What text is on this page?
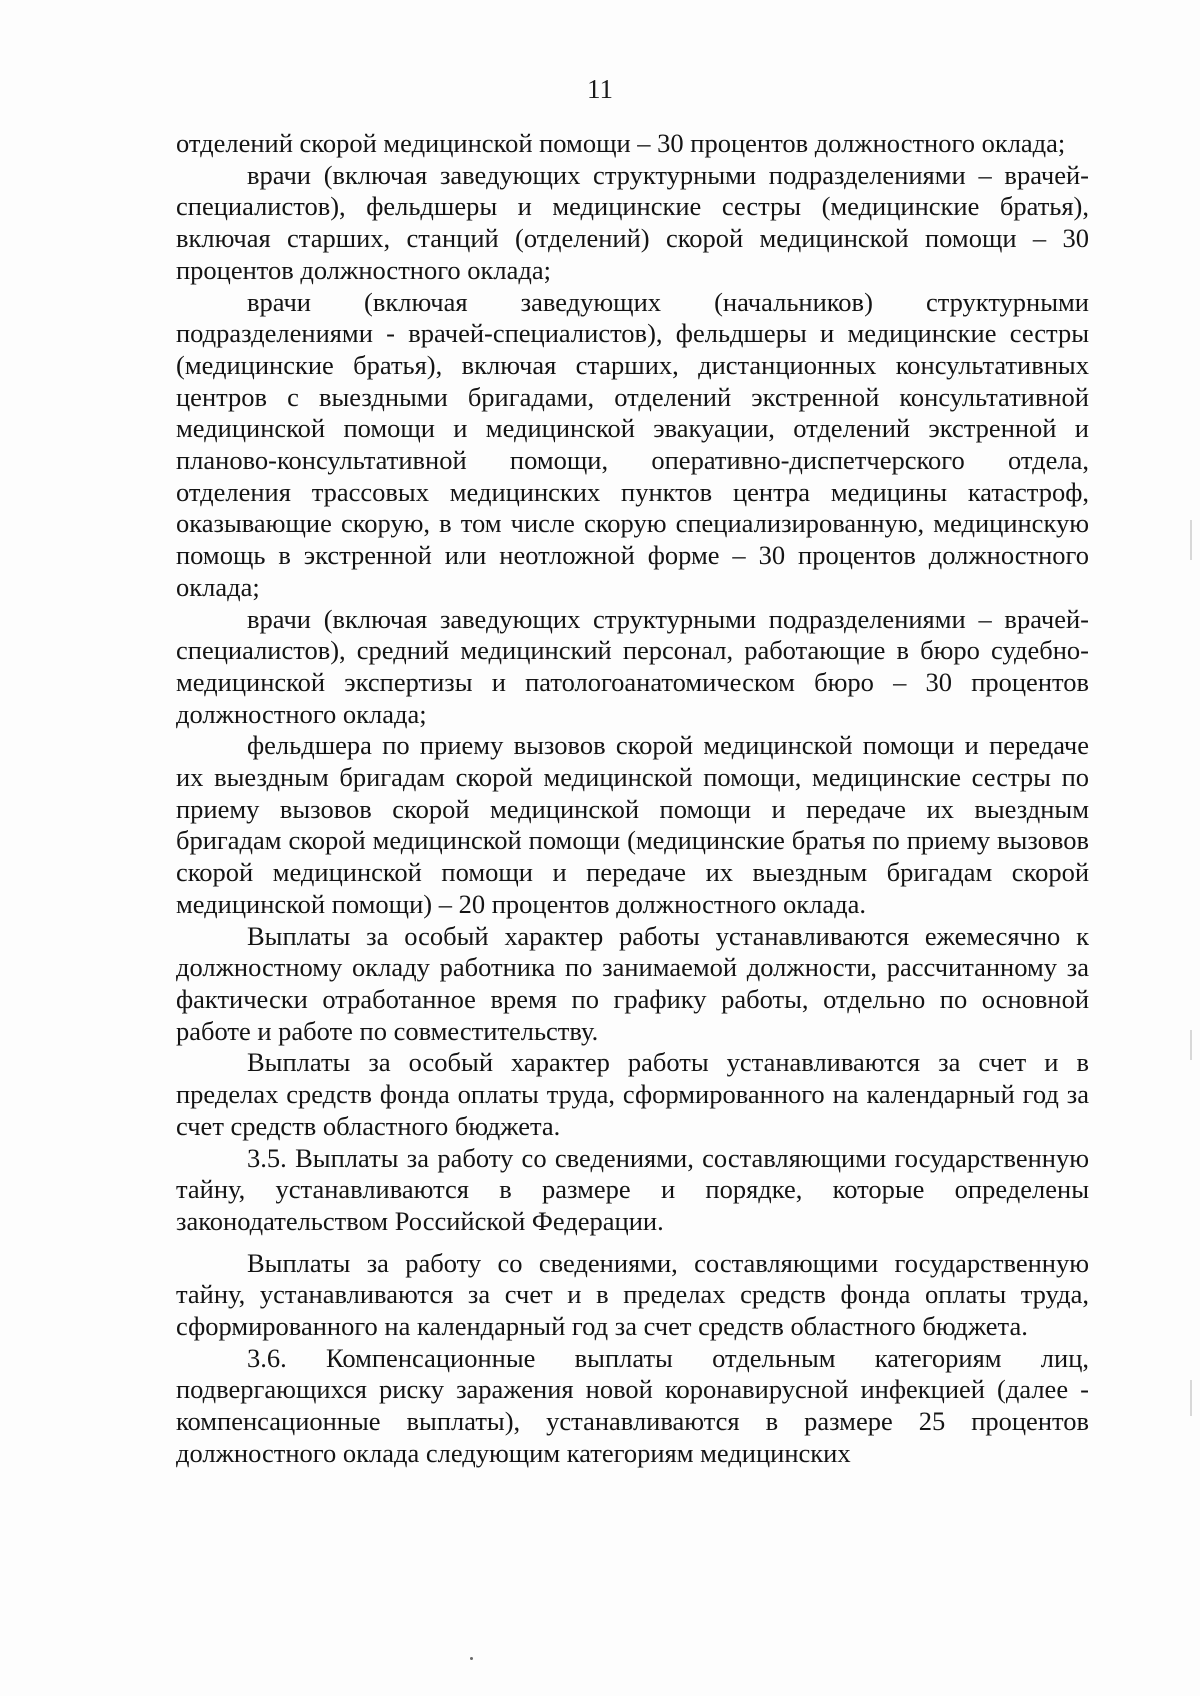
11

отделений скорой медицинской помощи – 30 процентов должностного оклада;

врачи (включая заведующих структурными подразделениями – врачей-специалистов), фельдшеры и медицинские сестры (медицинские братья), включая старших, станций (отделений) скорой медицинской помощи – 30 процентов должностного оклада;

врачи (включая заведующих (начальников) структурными подразделениями - врачей-специалистов), фельдшеры и медицинские сестры (медицинские братья), включая старших, дистанционных консультативных центров с выездными бригадами, отделений экстренной консультативной медицинской помощи и медицинской эвакуации, отделений экстренной и планово-консультативной помощи, оперативно-диспетчерского отдела, отделения трассовых медицинских пунктов центра медицины катастроф, оказывающие скорую, в том числе скорую специализированную, медицинскую помощь в экстренной или неотложной форме – 30 процентов должностного оклада;

врачи (включая заведующих структурными подразделениями – врачей-специалистов), средний медицинский персонал, работающие в бюро судебно-медицинской экспертизы и патологоанатомическом бюро – 30 процентов должностного оклада;

фельдшера по приему вызовов скорой медицинской помощи и передаче их выездным бригадам скорой медицинской помощи, медицинские сестры по приему вызовов скорой медицинской помощи и передаче их выездным бригадам скорой медицинской помощи (медицинские братья по приему вызовов скорой медицинской помощи и передаче их выездным бригадам скорой медицинской помощи) – 20 процентов должностного оклада.

Выплаты за особый характер работы устанавливаются ежемесячно к должностному окладу работника по занимаемой должности, рассчитанному за фактически отработанное время по графику работы, отдельно по основной работе и работе по совместительству.

Выплаты за особый характер работы устанавливаются за счет и в пределах средств фонда оплаты труда, сформированного на календарный год за счет средств областного бюджета.

3.5. Выплаты за работу со сведениями, составляющими государственную тайну, устанавливаются в размере и порядке, которые определены законодательством Российской Федерации.

Выплаты за работу со сведениями, составляющими государственную тайну, устанавливаются за счет и в пределах средств фонда оплаты труда, сформированного на календарный год за счет средств областного бюджета.

3.6. Компенсационные выплаты отдельным категориям лиц, подвергающихся риску заражения новой коронавирусной инфекцией (далее - компенсационные выплаты), устанавливаются в размере 25 процентов должностного оклада следующим категориям медицинских
